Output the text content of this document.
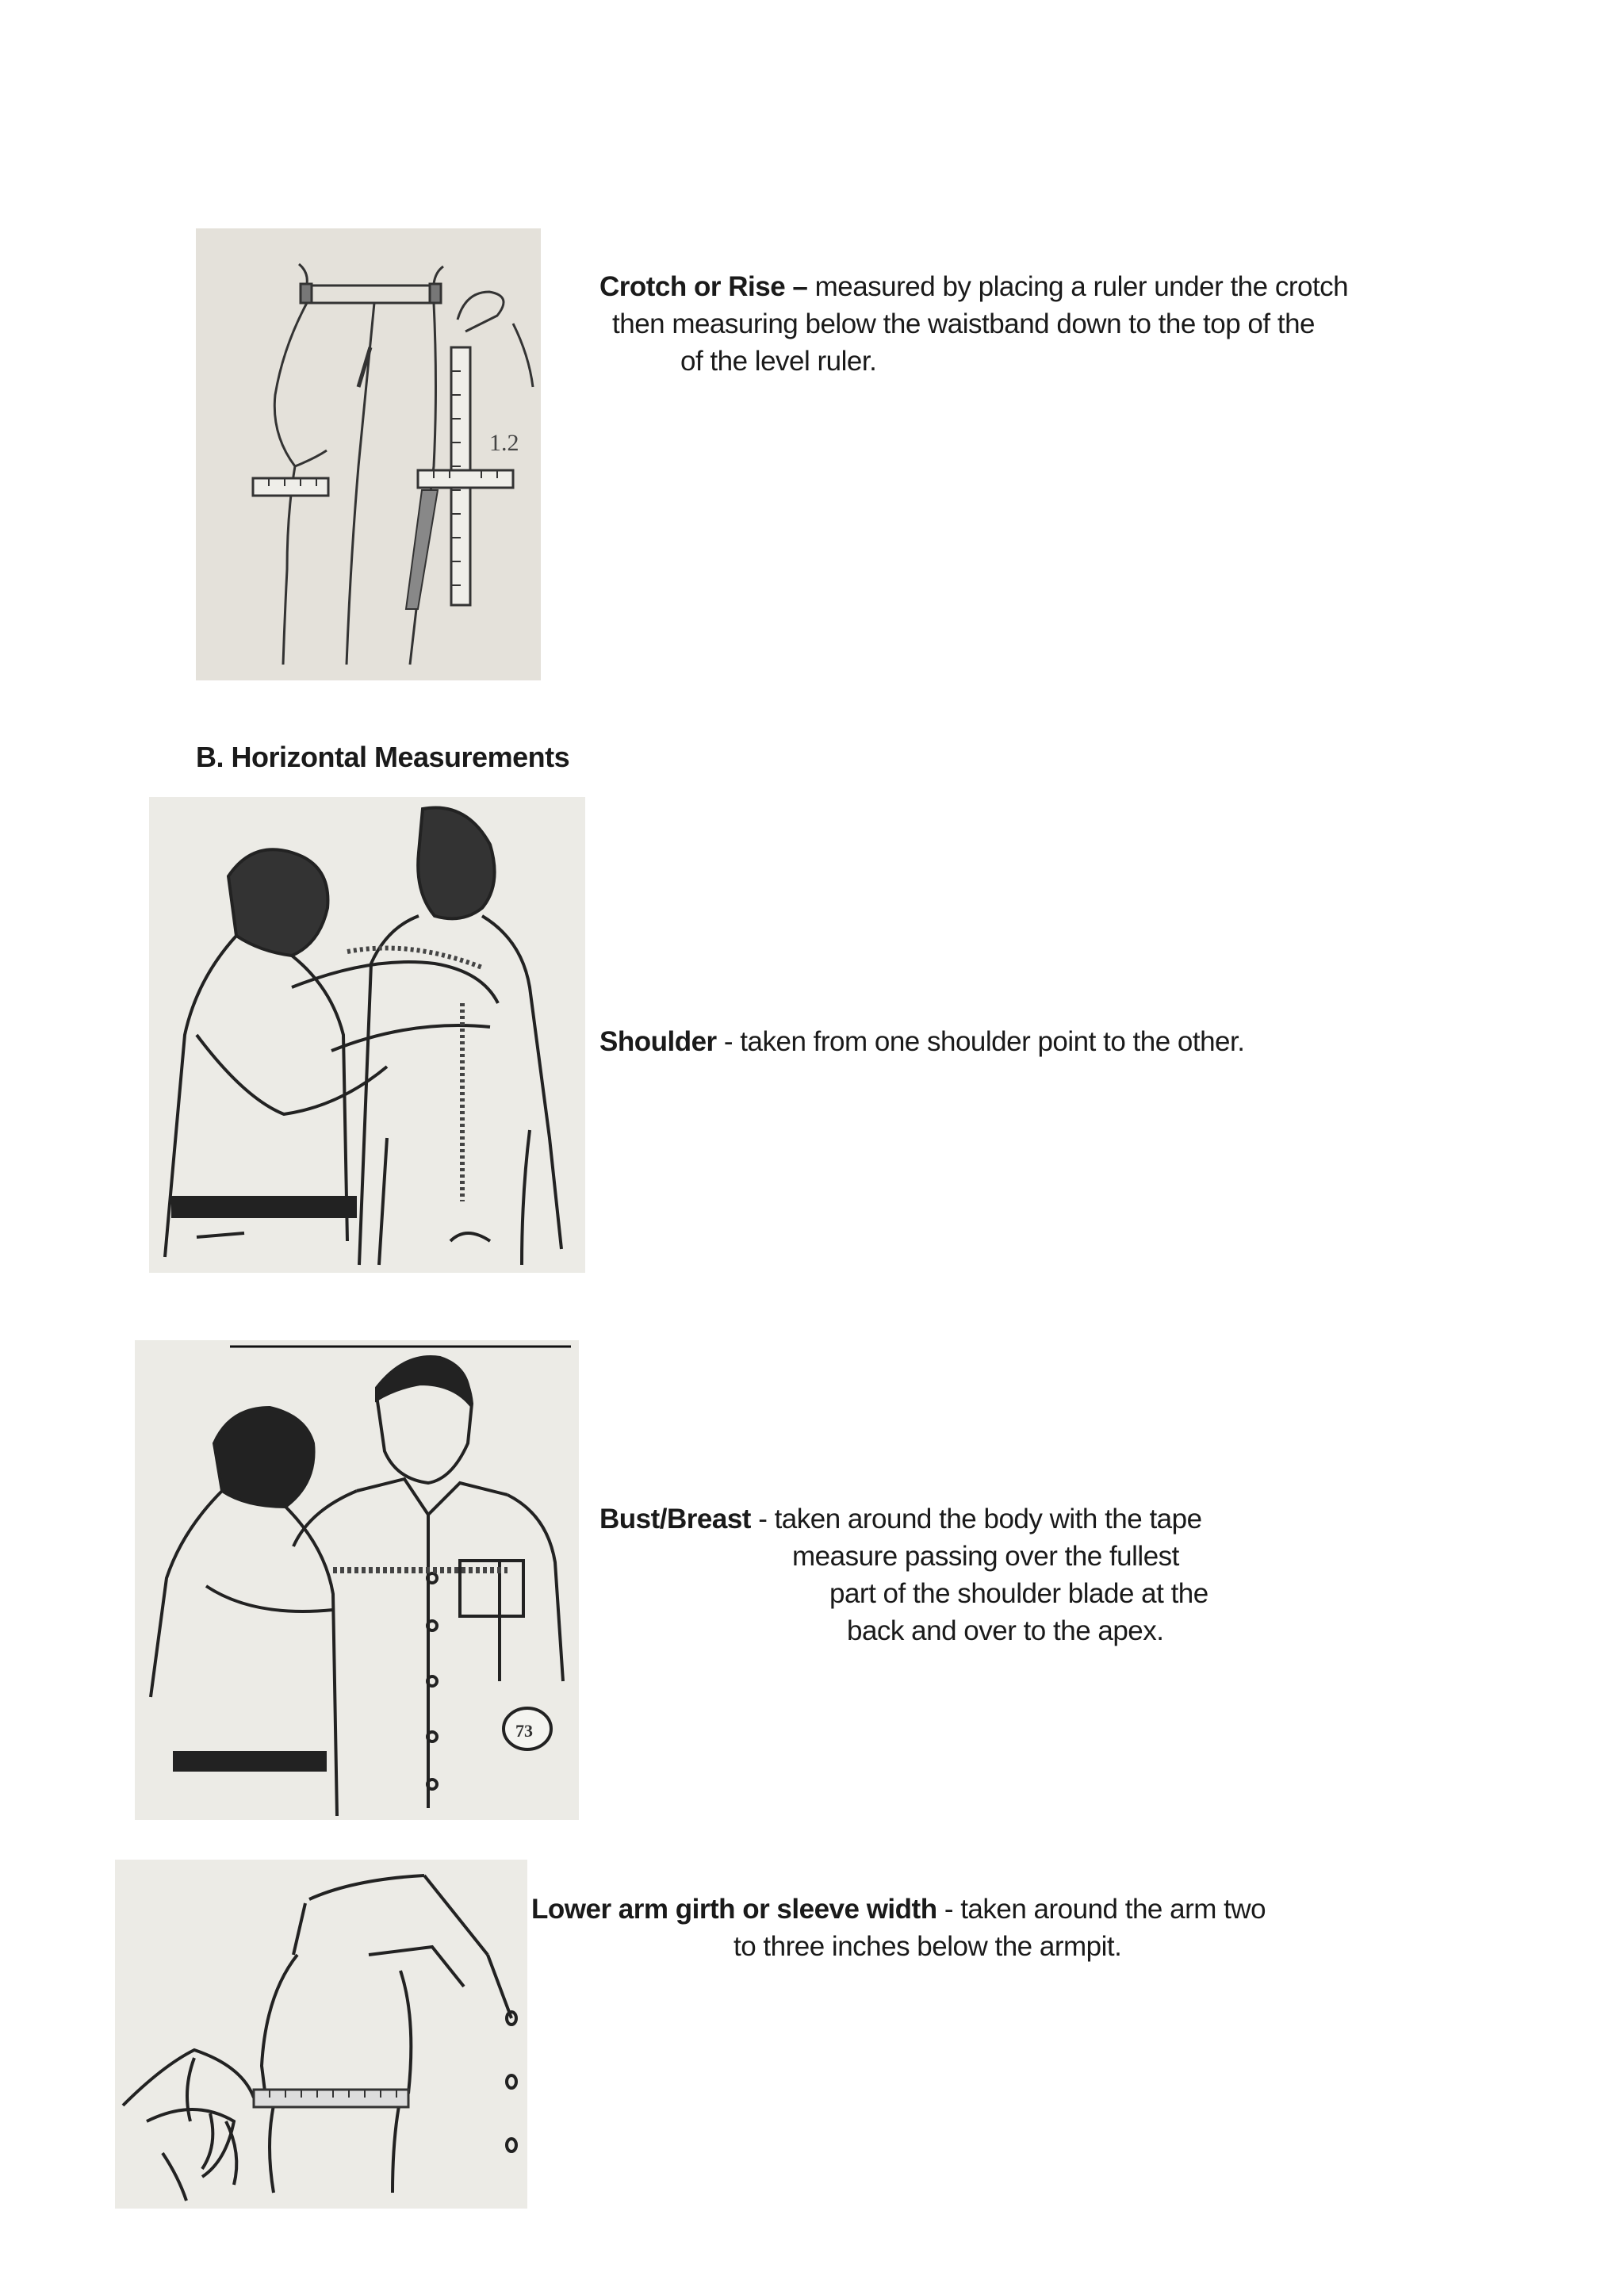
1.2
Crotch or Rise – measured by placing a ruler under the crotch
then measuring below the waistband down to the top of the
of the level ruler.
B. Horizontal Measurements
Shoulder - taken from one shoulder point to the other.
73
Bust/Breast - taken around the body with the tape
measure passing over the fullest
part of the shoulder blade at the
back and over to the apex.
Lower arm girth or sleeve width - taken around the arm two
to three inches below the armpit.
